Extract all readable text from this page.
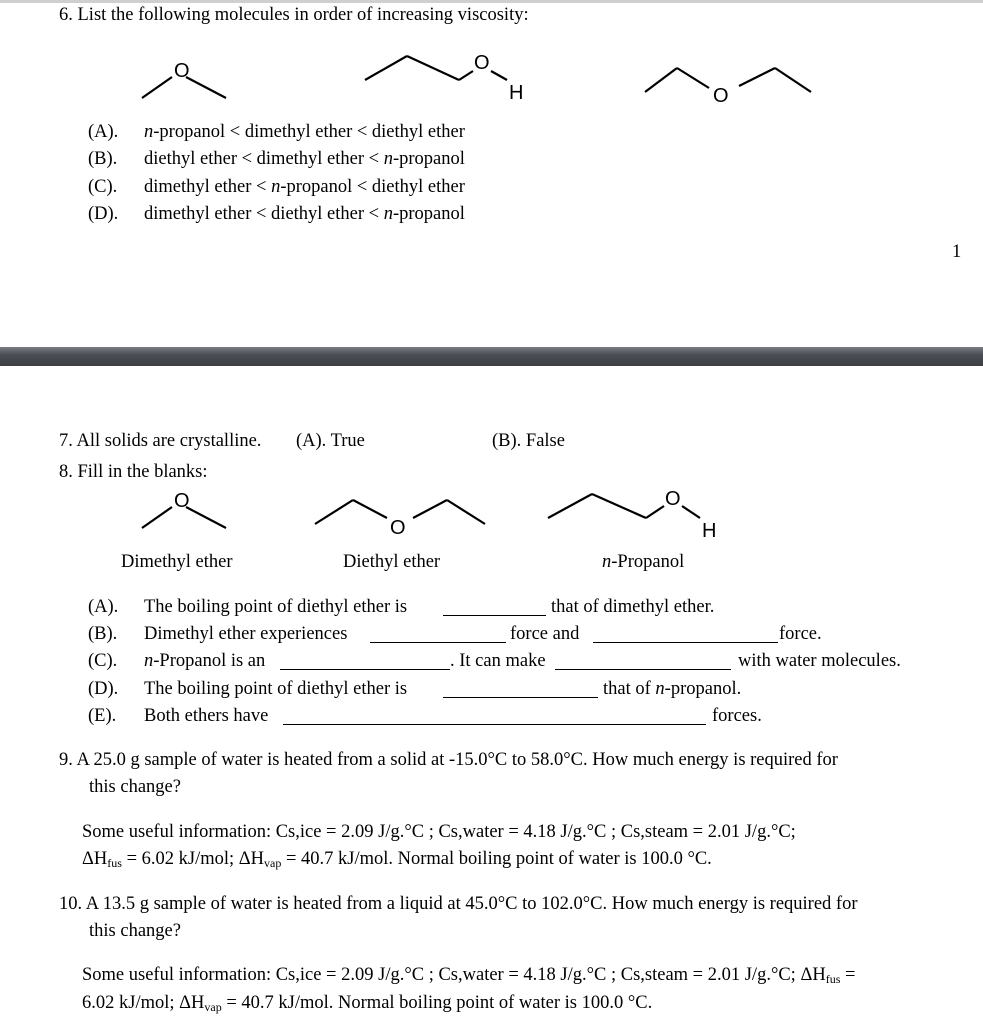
6. List the following molecules in order of increasing viscosity:
O	O
H	O
(A). n-propanol < dimethyl ether < diethyl ether
(B). diethyl ether < dimethyl ether < n-propanol
(C). dimethyl ether < n-propanol < diethyl ether
(D). dimethyl ether < diethyl ether < n-propanol
1
7. All solids are crystalline. (A). True	(B). False
8. Fill in the blanks:
O
O
O
H
Dimethyl ether	Diethyl ether	n-Propanol
(A). The boiling point of diethyl ether is	that of dimethyl ether.
(B). Dimethyl ether experiences	force and	force.
(C). n-Propanol is an	. It can make	with water molecules.
(D). The boiling point of diethyl ether is	that of n-propanol.
(E). Both ethers have	forces.
9. A 25.0 g sample of water is heated from a solid at -15.0°C to 58.0°C. How much energy is required for
this change?
Some useful information: Cs,ice = 2.09 J/g.°C ; Cs,water = 4.18 J/g.°C ; Cs,steam = 2.01 J/g.°C;
$\Delta H_{fus} = 6.02$ kJ/mol; $\Delta H_{vap} = 40.7$ kJ/mol. Normal boiling point of water is 100.0 °C.
10. A 13.5 g sample of water is heated from a liquid at 45.0°C to 102.0°C. How much energy is required for
this change?
Some useful information: Cs,ice = 2.09 J/g.°C ; Cs,water = 4.18 J/g.°C ; Cs,steam = 2.01 J/g.°C; $\Delta H_{fus}$ =
6.02 kJ/mol; $\Delta H_{vap} = 40.7$ kJ/mol. Normal boiling point of water is 100.0 °C.
